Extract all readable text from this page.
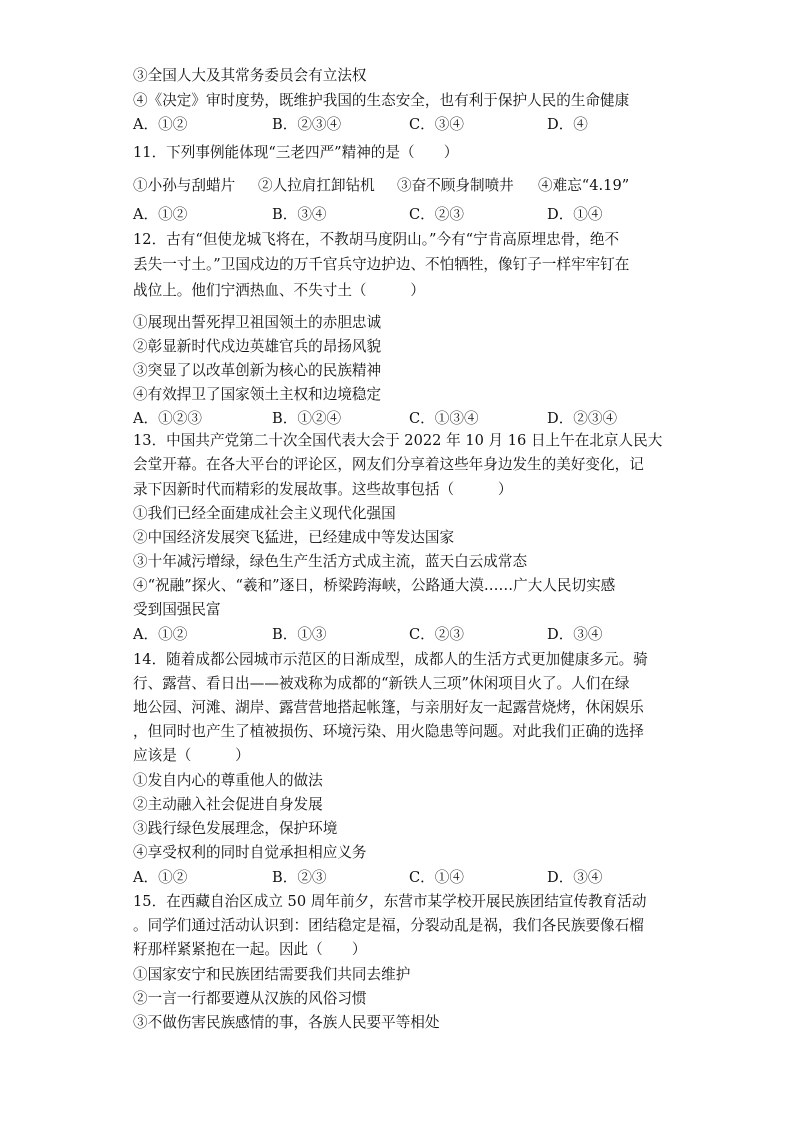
③全国人大及其常务委员会有立法权
④《决定》审时度势，既维护我国的生态安全，也有利于保护人民的生命健康
A．①②	B．②③④	C．③④	D．④
11．下列事例能体现“三老四严”精神的是（　　）
①小孙与刮蜡片 ②人拉肩扛卸钻机 ③奋不顾身制喷井 ④难忘“4.19”
A．①②	B．③④	C．②③	D．①④
12．古有“但使龙城飞将在，不教胡马度阴山。”今有“宁肯高原埋忠骨，绝不
丢失一寸土。”卫国戍边的万千官兵守边护边、不怕牺牲，像钉子一样牢牢钉在
战位上。他们宁洒热血、不失寸土（　　　）
①展现出誓死捍卫祖国领土的赤胆忠诚
②彰显新时代戍边英雄官兵的昂扬风貌
③突显了以改革创新为核心的民族精神
④有效捍卫了国家领土主权和边境稳定
A．①②③	B．①②④	C．①③④	D．②③④
13．中国共产党第二十次全国代表大会于 2022 年 10 月 16 日上午在北京人民大
会堂开幕。在各大平台的评论区，网友们分享着这些年身边发生的美好变化，记
录下因新时代而精彩的发展故事。这些故事包括（　　　）
①我们已经全面建成社会主义现代化强国
②中国经济发展突飞猛进，已经建成中等发达国家
③十年减污增绿，绿色生产生活方式成主流，蓝天白云成常态
④“祝融”探火、“羲和”逐日，桥梁跨海峡，公路通大漠……广大人民切实感
受到国强民富
A．①②	B．①③	C．②③	D．③④
14．随着成都公园城市示范区的日渐成型，成都人的生活方式更加健康多元。骑
行、露营、看日出——被戏称为成都的“新铁人三项”休闲项目火了。人们在绿
地公园、河滩、湖岸、露营营地搭起帐篷，与亲朋好友一起露营烧烤，休闲娱乐
，但同时也产生了植被损伤、环境污染、用火隐患等问题。对此我们正确的选择
应该是（　　　）
①发自内心的尊重他人的做法
②主动融入社会促进自身发展
③践行绿色发展理念，保护环境
④享受权利的同时自觉承担相应义务
A．①②	B．②③	C．①④	D．③④
15．在西藏自治区成立 50 周年前夕，东营市某学校开展民族团结宣传教育活动
。同学们通过活动认识到：团结稳定是福，分裂动乱是祸，我们各民族要像石榴
籽那样紧紧抱在一起。因此（　　）
①国家安宁和民族团结需要我们共同去维护
②一言一行都要遵从汉族的风俗习惯
③不做伤害民族感情的事，各族人民要平等相处
